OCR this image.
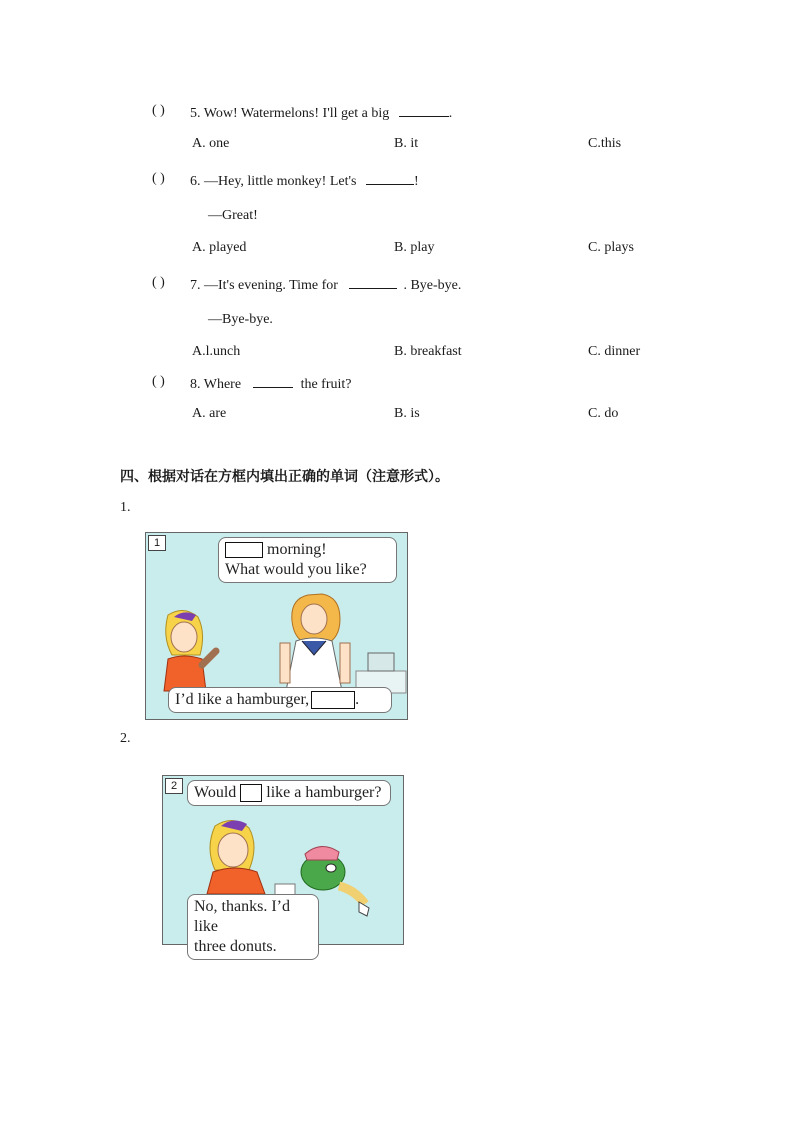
( ) 5. Wow! Watermelons! I'll get a big	.
A. one	B. it	C.this
( ) 6. —Hey, little monkey! Let's	!
—Great!
A. played	B. play	C. plays
( ) 7. —It's evening. Time for	. Bye-bye.
—Bye-bye.
A.l.unch	B. breakfast	C. dinner
( ) 8. Where	the fruit?
A. are	B. is	C. do
四、根据对话在方框内填出正确的单词（注意形式）。
1.
1	morning!
What would you like?
I’d like a hamburger,	.
2.
2	Would like a hamburger?
No, thanks. I’d like
three donuts.
